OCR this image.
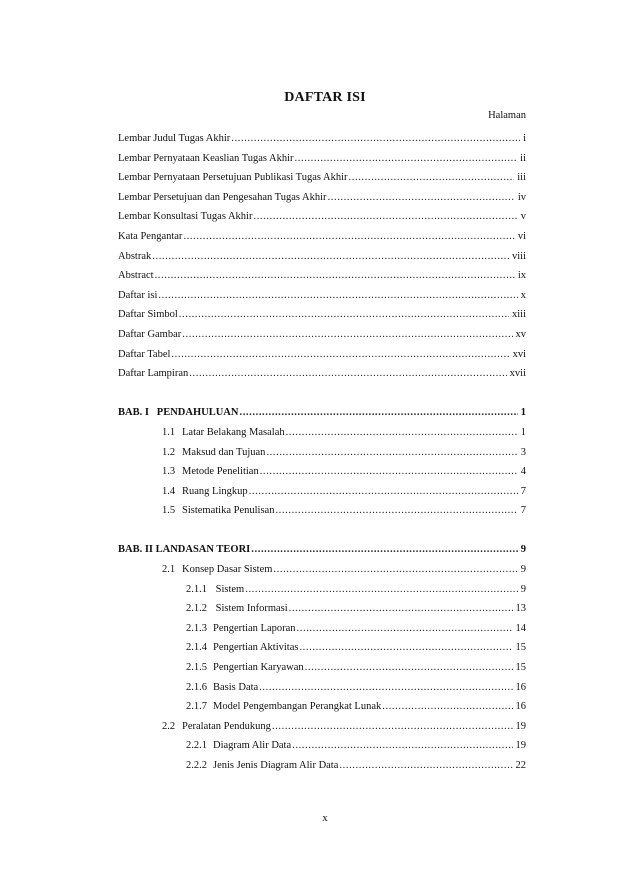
DAFTAR ISI
Halaman
Lembar Judul Tugas Akhir .....	i
Lembar Pernyataan Keaslian Tugas Akhir .....	ii
Lembar Pernyataan Persetujuan Publikasi Tugas Akhir .....	iii
Lembar Persetujuan dan Pengesahan Tugas Akhir .....	iv
Lembar Konsultasi Tugas Akhir .....	v
Kata Pengantar .....	vi
Abstrak .....	viii
Abstract .....	ix
Daftar isi .....	x
Daftar Simbol .....	xiii
Daftar Gambar .....	xv
Daftar Tabel .....	xvi
Daftar Lampiran .....	xvii
BAB. I   PENDAHULUAN .....	1
1.1 Latar Belakang Masalah .....	1
1.2 Maksud dan Tujuan .....	3
1.3 Metode Penelitian .....	4
1.4 Ruang Lingkup .....	7
1.5 Sistematika Penulisan .....	7
BAB. II LANDASAN TEORI .....	9
2.1 Konsep Dasar Sistem .....	9
2.1.1 Sistem .....	9
2.1.2 Sistem Informasi .....	13
2.1.3 Pengertian Laporan .....	14
2.1.4 Pengertian Aktivitas .....	15
2.1.5 Pengertian Karyawan .....	15
2.1.6 Basis Data .....	16
2.1.7 Model Pengembangan Perangkat Lunak .....	16
2.2 Peralatan Pendukung .....	19
2.2.1 Diagram Alir Data .....	19
2.2.2 Jenis Jenis Diagram Alir Data .....	22
x
